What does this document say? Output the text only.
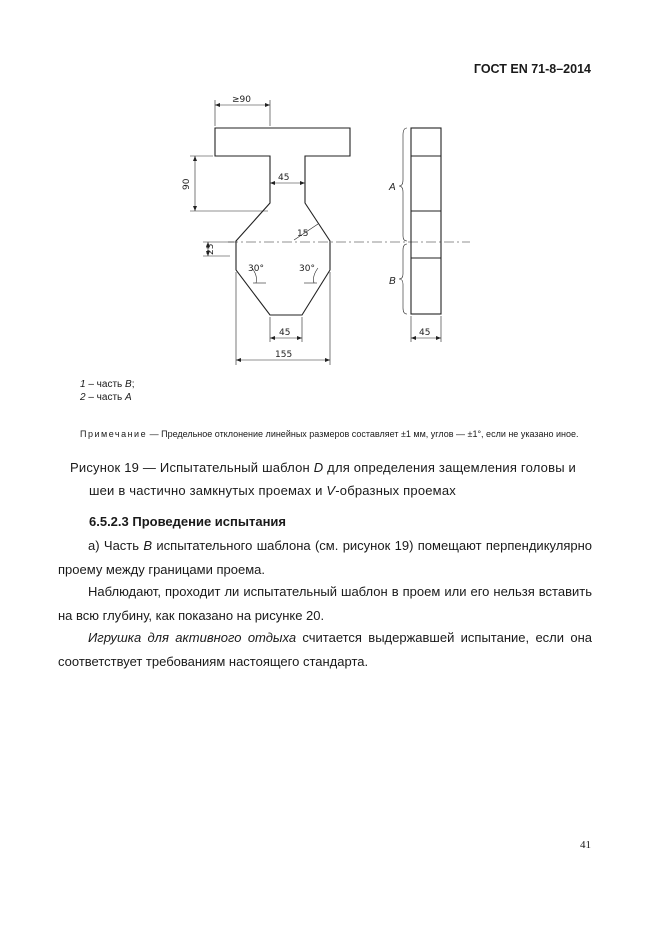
ГОСТ EN 71-8–2014
≥90
90
45
15
25
30°	30°
45
155
45
A
B
1 – часть B;
2 – часть A
Примечание — Предельное отклонение линейных размеров составляет ±1 мм, углов — ±1°, если не указано иное.
Рисунок 19 — Испытательный шаблон D для определения защемления головы и
шеи в частично замкнутых проемах и V-образных проемах
6.5.2.3 Проведение испытания
а) Часть B испытательного шаблона (см. рисунок 19) помещают перпендикулярно проему между границами проема.
Наблюдают, проходит ли испытательный шаблон в проем или его нельзя вставить на всю глубину, как показано на рисунке 20.
Игрушка для активного отдыха считается выдержавшей испытание, если она соответствует требованиям настоящего стандарта.
41
